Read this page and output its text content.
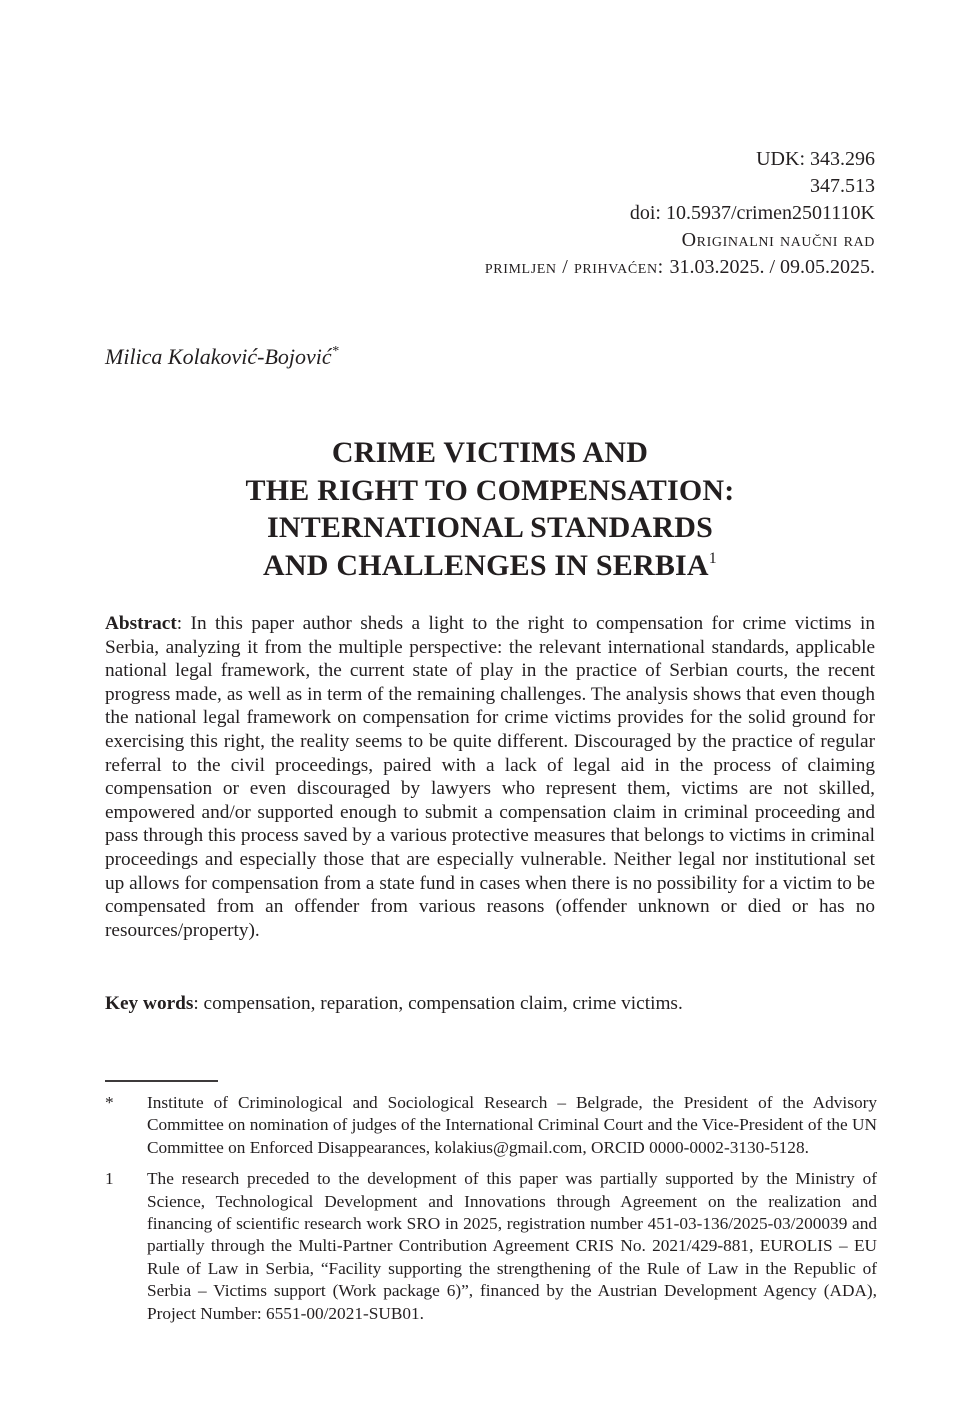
UDK: 343.296
347.513
doi: 10.5937/crimen2501110K
Originalni naučni rad
primljen / prihvaćen: 31.03.2025. / 09.05.2025.
Milica Kolaković-Bojović*
CRIME VICTIMS AND
THE RIGHT TO COMPENSATION:
INTERNATIONAL STANDARDS
AND CHALLENGES IN SERBIA$^1$

Abstract: In this paper author sheds a light to the right to compensation for crime victims in Serbia, analyzing it from the multiple perspective: the relevant international standards, applicable national legal framework, the current state of play in the practice of Serbian courts, the recent progress made, as well as in term of the remaining challenges. The analysis shows that even though the national legal framework on compensation for crime victims provides for the solid ground for exercising this right, the reality seems to be quite different. Discouraged by the practice of regular referral to the civil proceedings, paired with a lack of legal aid in the process of claiming compensation or even discouraged by lawyers who represent them, victims are not skilled, empowered and/or supported enough to submit a compensation claim in criminal proceeding and pass through this process saved by a various protective measures that belongs to victims in criminal proceedings and especially those that are especially vulnerable. Neither legal nor institutional set up allows for compensation from a state fund in cases when there is no possibility for a victim to be compensated from an offender from various reasons (offender unknown or died or has no resources/property).

Key words: compensation, reparation, compensation claim, crime victims.

*	Institute of Criminological and Sociological Research – Belgrade, the President of the Advisory Committee on nomination of judges of the International Criminal Court and the Vice-President of the UN Committee on Enforced Disappearances, kolakius@gmail.com, ORCID 0000-0002-3130-5128.
1	The research preceded to the development of this paper was partially supported by the Ministry of Science, Technological Development and Innovations through Agreement on the realization and financing of scientific research work SRO in 2025, registration number 451-03-136/2025-03/200039 and partially through the Multi-Partner Contribution Agreement CRIS No. 2021/429-881, EUROLIS – EU Rule of Law in Serbia, “Facility supporting the strengthening of the Rule of Law in the Republic of Serbia – Victims support (Work package 6)”, financed by the Austrian Development Agency (ADA), Project Number: 6551-00/2021-SUB01.
